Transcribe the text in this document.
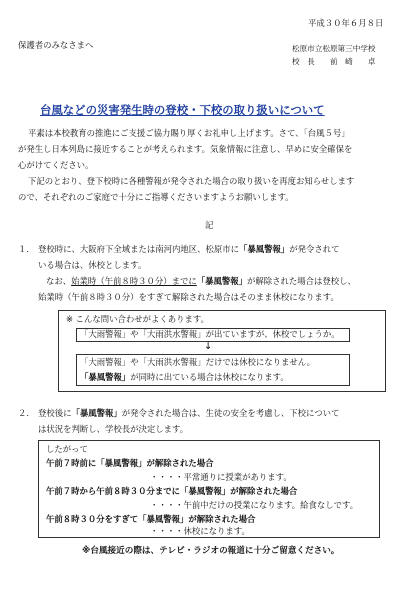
平成３０年６月８日
保護者のみなさまへ	松原市立松原第三中学校
校　長　　前　崎　　卓
台風などの災害発生時の登校・下校の取り扱いについて
平素は本校教育の推進にご支援ご協力賜り厚くお礼申し上げます。さて、「台風５号」
が発生し日本列島に接近することが考えられます。気象情報に注意し、早めに安全確保を
心がけてください。
下記のとおり、登下校時に各種警報が発令された場合の取り扱いを再度お知らせします
ので、それぞれのご家庭で十分にご指導くださいますようお願いします。
記
１． 登校時に、大阪府下全域または南河内地区、松原市に「暴風警報」が発令されて
いる場合は、休校とします。
なお、始業時（午前８時３０分）までに「暴風警報」が解除された場合は登校し、
始業時（午前８時３０分）をすぎて解除された場合はそのまま休校になります。
※ こんな問い合わせがよくあります。
「大雨警報」や「大雨洪水警報」が出ていますが、休校でしょうか。
↓
「大雨警報」や「大雨洪水警報」だけでは休校になりません。
「暴風警報」が同時に出ている場合は休校になります。
２． 登校後に「暴風警報」が発令された場合は、生徒の安全を考慮し、下校について
は状況を判断し、学校長が決定します。
したがって
午前７時前に「暴風警報」が解除された場合
・・・・平常通りに授業があります。
午前７時から午前８時３０分までに「暴風警報」が解除された場合
・・・・午前中だけの授業になります。給食なしです。
午前８時３０分をすぎて「暴風警報」が解除された場合
・・・・休校になります。
※台風接近の際は、テレビ・ラジオの報道に十分ご留意ください。
